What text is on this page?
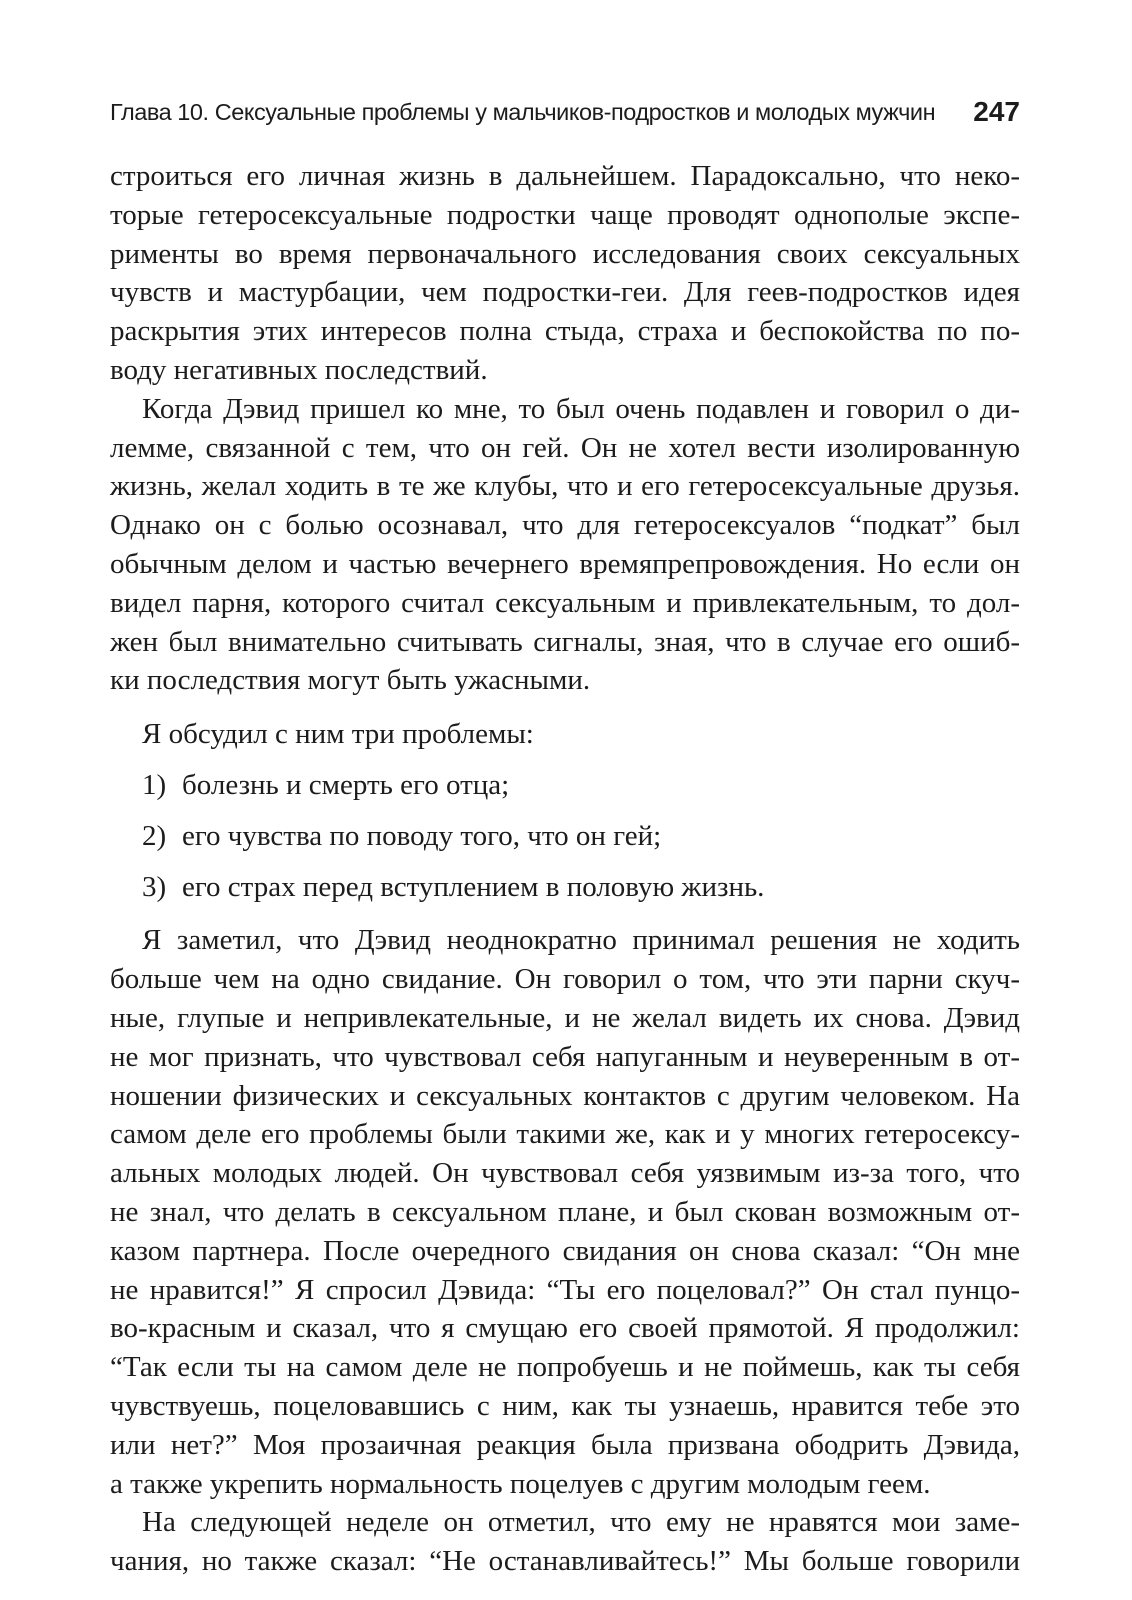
Глава 10. Сексуальные проблемы у мальчиков-подростков и молодых мужчин 247
строиться его личная жизнь в дальнейшем. Парадоксально, что неко-
торые гетеросексуальные подростки чаще проводят однополые экспе-
рименты во время первоначального исследования своих сексуальных
чувств и мастурбации, чем подростки-геи. Для геев-подростков идея
раскрытия этих интересов полна стыда, страха и беспокойства по по-
воду негативных последствий.
Когда Дэвид пришел ко мне, то был очень подавлен и говорил о ди-
лемме, связанной с тем, что он гей. Он не хотел вести изолированную
жизнь, желал ходить в те же клубы, что и его гетеросексуальные друзья.
Однако он с болью осознавал, что для гетеросексуалов “подкат” был
обычным делом и частью вечернего времяпрепровождения. Но если он
видел парня, которого считал сексуальным и привлекательным, то дол-
жен был внимательно считывать сигналы, зная, что в случае его ошиб-
ки последствия могут быть ужасными.
Я обсудил с ним три проблемы:
1) болезнь и смерть его отца;
2) его чувства по поводу того, что он гей;
3) его страх перед вступлением в половую жизнь.
Я заметил, что Дэвид неоднократно принимал решения не ходить
больше чем на одно свидание. Он говорил о том, что эти парни скуч-
ные, глупые и непривлекательные, и не желал видеть их снова. Дэвид
не мог признать, что чувствовал себя напуганным и неуверенным в от-
ношении физических и сексуальных контактов с другим человеком. На
самом деле его проблемы были такими же, как и у многих гетеросексу-
альных молодых людей. Он чувствовал себя уязвимым из-за того, что
не знал, что делать в сексуальном плане, и был скован возможным от-
казом партнера. После очередного свидания он снова сказал: “Он мне
не нравится!” Я спросил Дэвида: “Ты его поцеловал?” Он стал пунцо-
во-красным и сказал, что я смущаю его своей прямотой. Я продолжил:
“Так если ты на самом деле не попробуешь и не поймешь, как ты себя
чувствуешь, поцеловавшись с ним, как ты узнаешь, нравится тебе это
или нет?” Моя прозаичная реакция была призвана ободрить Дэвида,
а также укрепить нормальность поцелуев с другим молодым геем.
На следующей неделе он отметил, что ему не нравятся мои заме-
чания, но также сказал: “Не останавливайтесь!” Мы больше говорили
